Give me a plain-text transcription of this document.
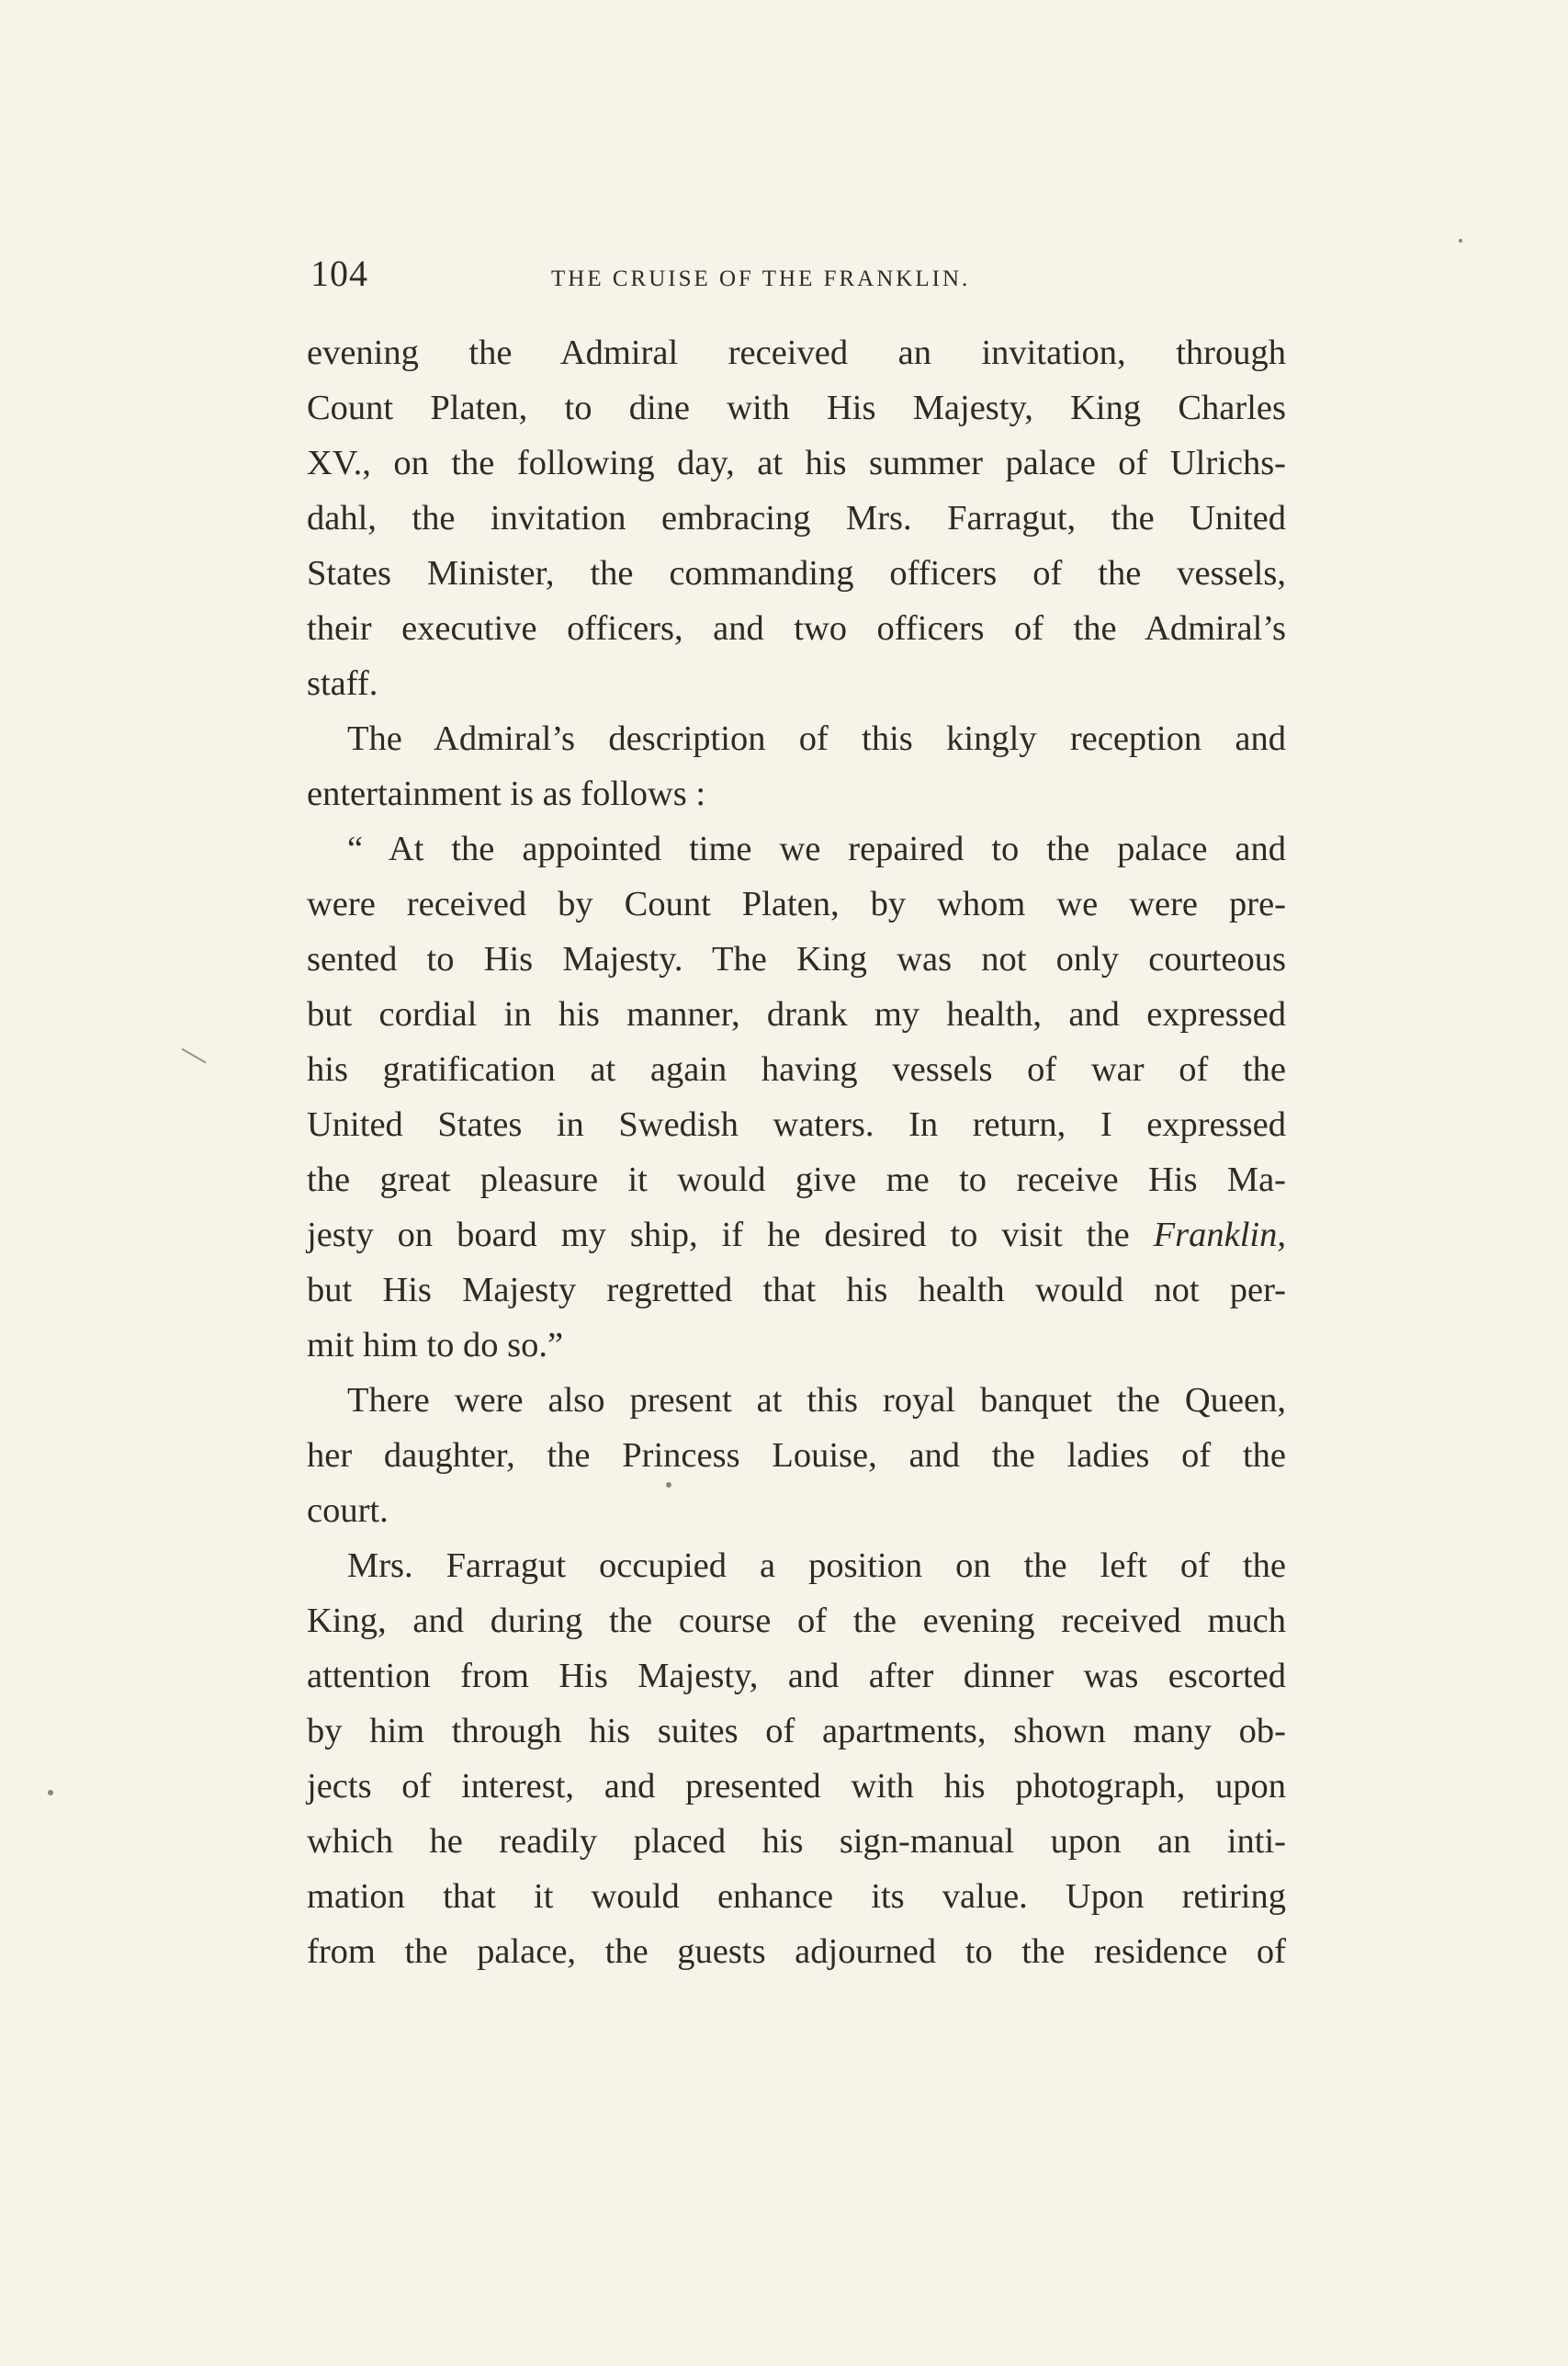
104	THE CRUISE OF THE FRANKLIN.
evening the Admiral received an invitation, through
Count Platen, to dine with His Majesty, King Charles
XV., on the following day, at his summer palace of Ulrichs-
dahl, the invitation embracing Mrs. Farragut, the United
States Minister, the commanding officers of the vessels,
their executive officers, and two officers of the Admiral’s
staff.
The Admiral’s description of this kingly reception and
entertainment is as follows :
“ At the appointed time we repaired to the palace and
were received by Count Platen, by whom we were pre-
sented to His Majesty. The King was not only courteous
but cordial in his manner, drank my health, and expressed
his gratification at again having vessels of war of the
United States in Swedish waters. In return, I expressed
the great pleasure it would give me to receive His Ma-
jesty on board my ship, if he desired to visit the Franklin,
but His Majesty regretted that his health would not per-
mit him to do so.”
There were also present at this royal banquet the Queen,
her daughter, the Princess Louise, and the ladies of the
court.
Mrs. Farragut occupied a position on the left of the
King, and during the course of the evening received much
attention from His Majesty, and after dinner was escorted
by him through his suites of apartments, shown many ob-
jects of interest, and presented with his photograph, upon
which he readily placed his sign-manual upon an inti-
mation that it would enhance its value. Upon retiring
from the palace, the guests adjourned to the residence of
